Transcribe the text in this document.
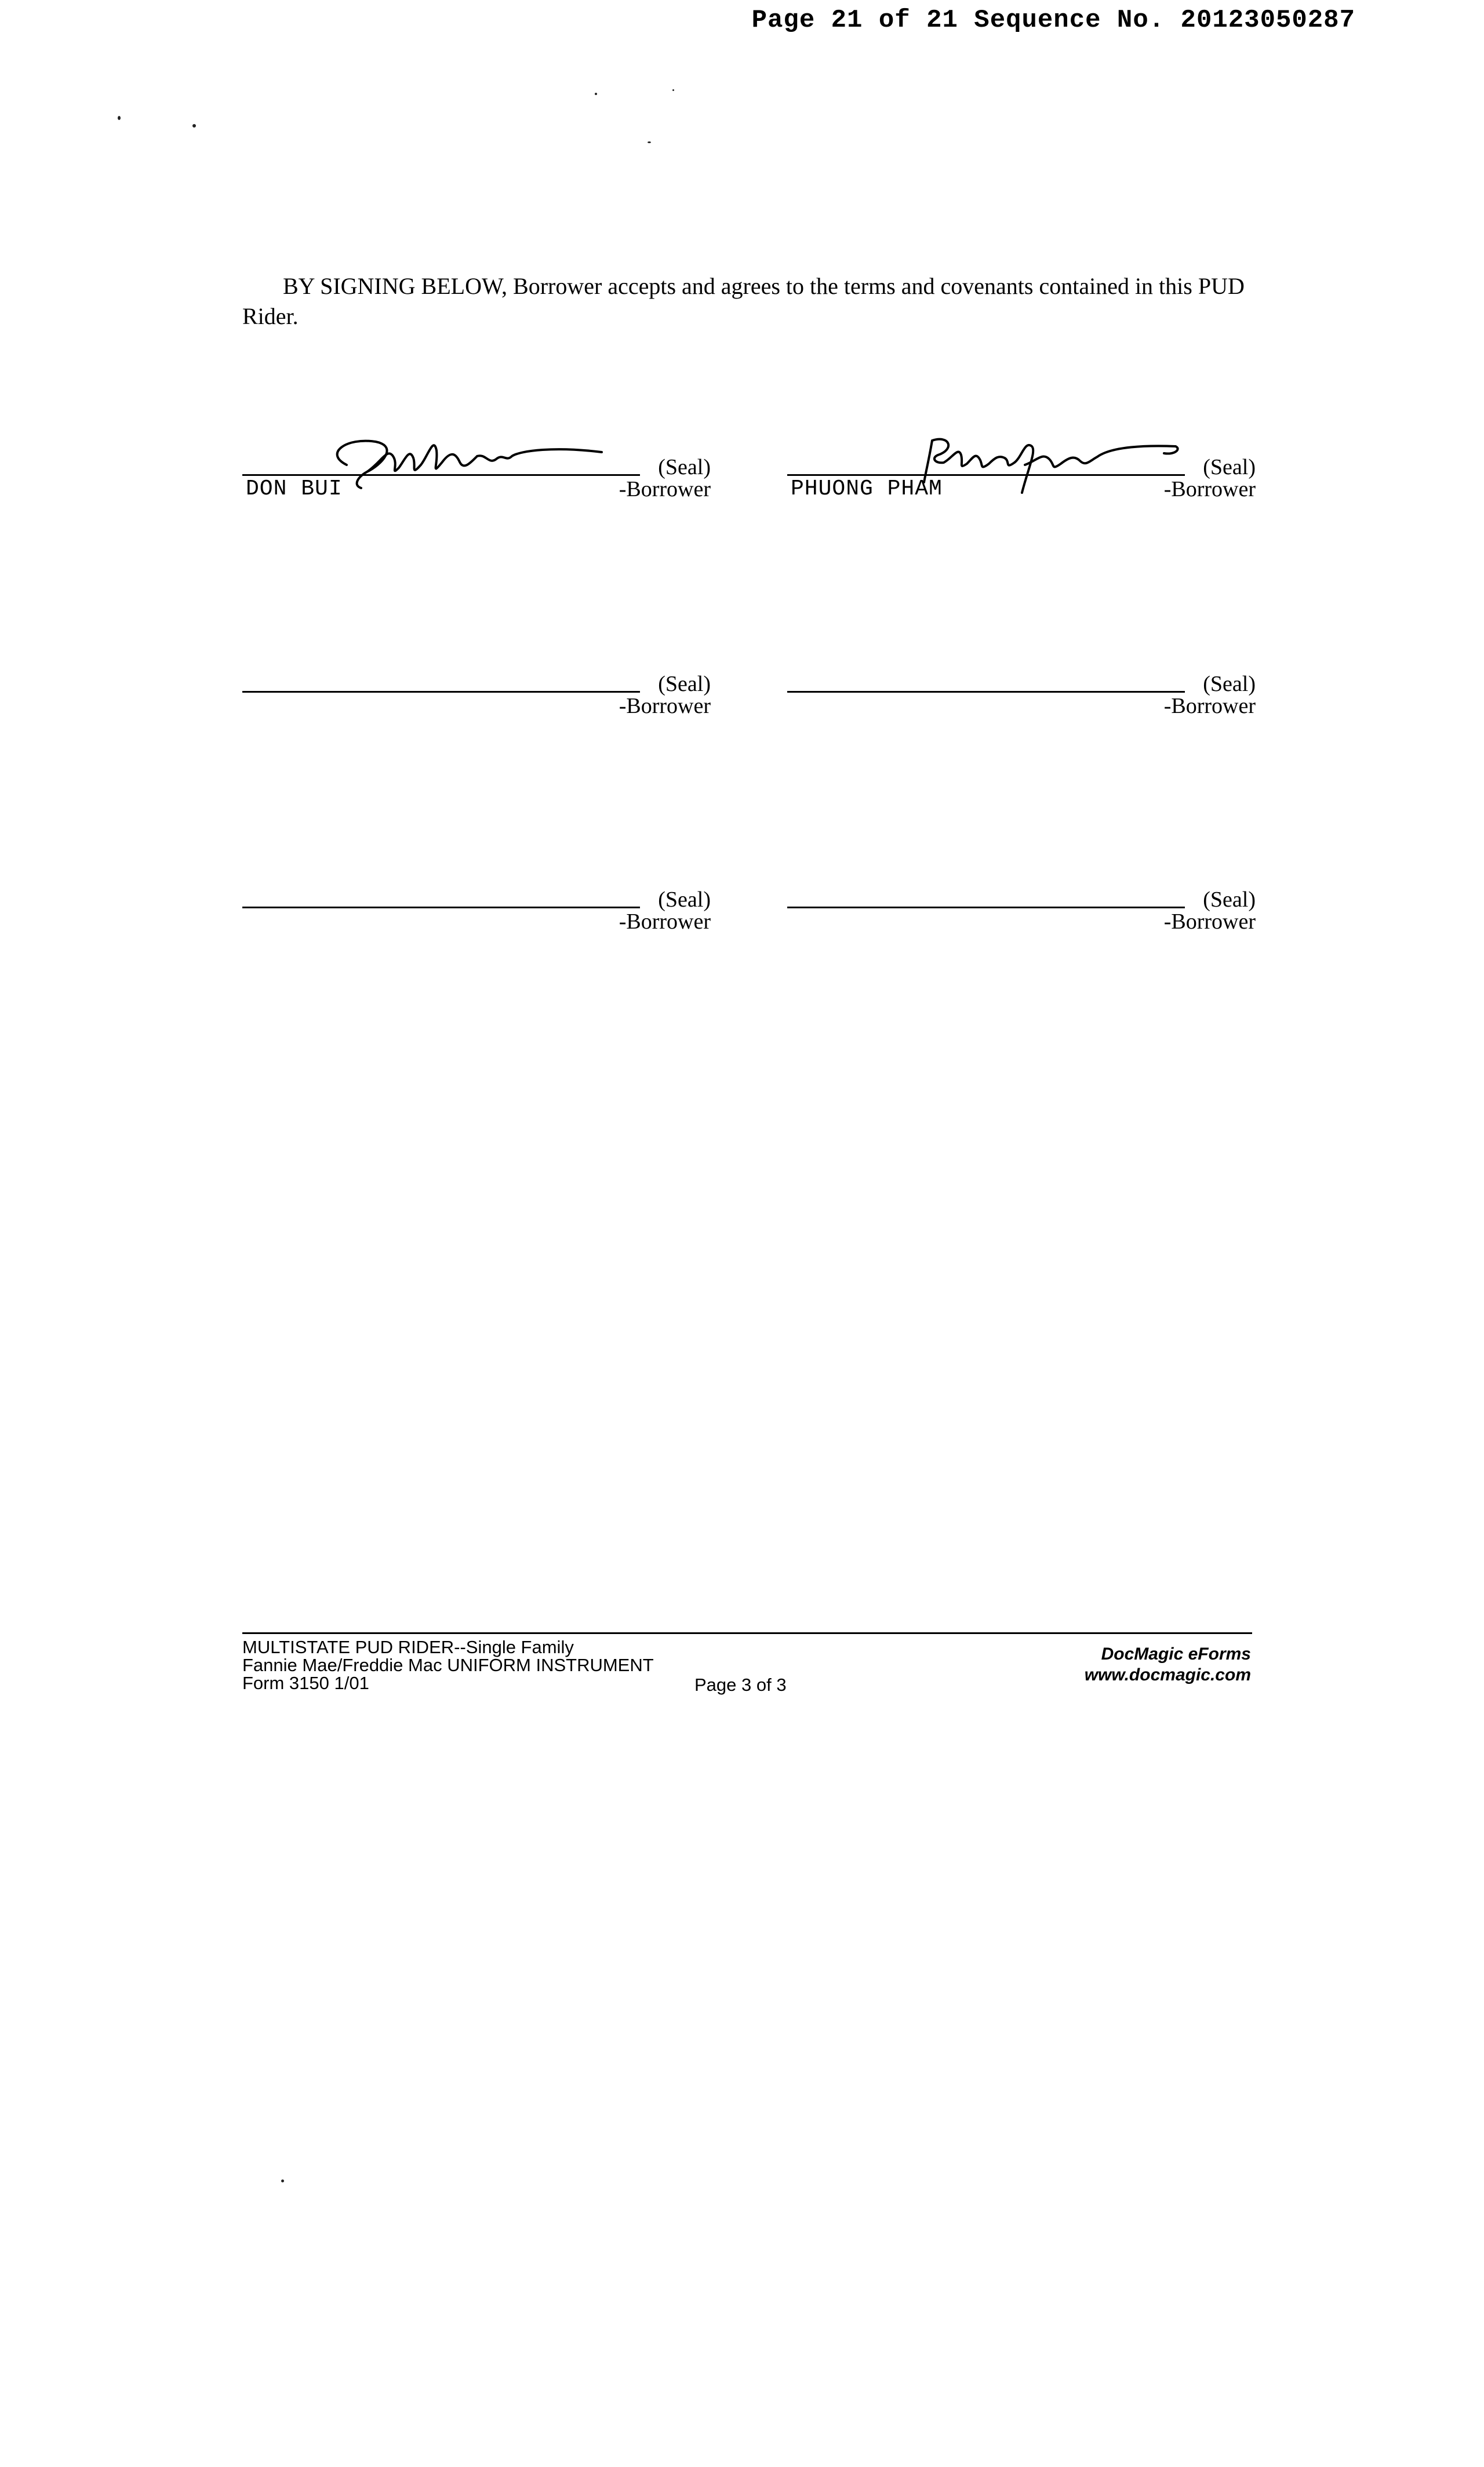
Page 21 of 21 Sequence No. 20123050287

BY SIGNING BELOW, Borrower accepts and agrees to the terms and covenants contained in this PUD Rider.

(Seal)
DON BUI	-Borrower
(Seal)
PHUONG PHAM	-Borrower
(Seal)
-Borrower
(Seal)
-Borrower
(Seal)
-Borrower
(Seal)
-Borrower
MULTISTATE PUD RIDER--Single Family
Fannie Mae/Freddie Mac UNIFORM INSTRUMENT
Form 3150 1/01	Page 3 of 3
DocMagic eForms
www.docmagic.com
